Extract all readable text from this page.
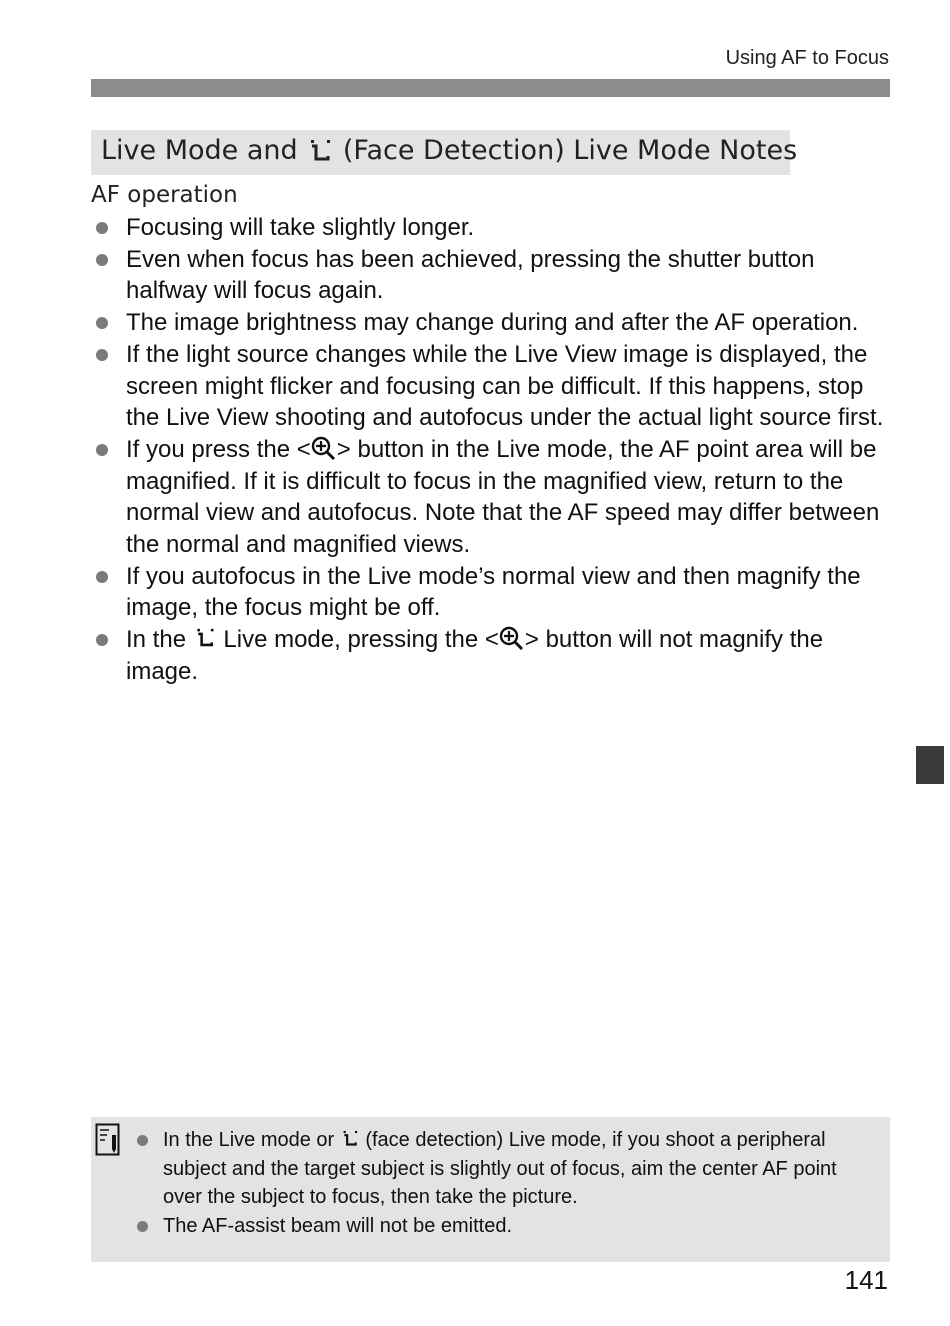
Using AF to Focus
Live Mode and (Face Detection) Live Mode Notes
AF operation
Focusing will take slightly longer.
Even when focus has been achieved, pressing the shutter button halfway will focus again.
The image brightness may change during and after the AF operation.
If the light source changes while the Live View image is displayed, the screen might flicker and focusing can be difficult. If this happens, stop the Live View shooting and autofocus under the actual light source first.
If you press the < > button in the Live mode, the AF point area will be magnified. If it is difficult to focus in the magnified view, return to the normal view and autofocus. Note that the AF speed may differ between the normal and magnified views.
If you autofocus in the Live mode’s normal view and then magnify the image, the focus might be off.
In the Live mode, pressing the < > button will not magnify the image.
In the Live mode or (face detection) Live mode, if you shoot a peripheral subject and the target subject is slightly out of focus, aim the center AF point over the subject to focus, then take the picture.
The AF-assist beam will not be emitted.
141
